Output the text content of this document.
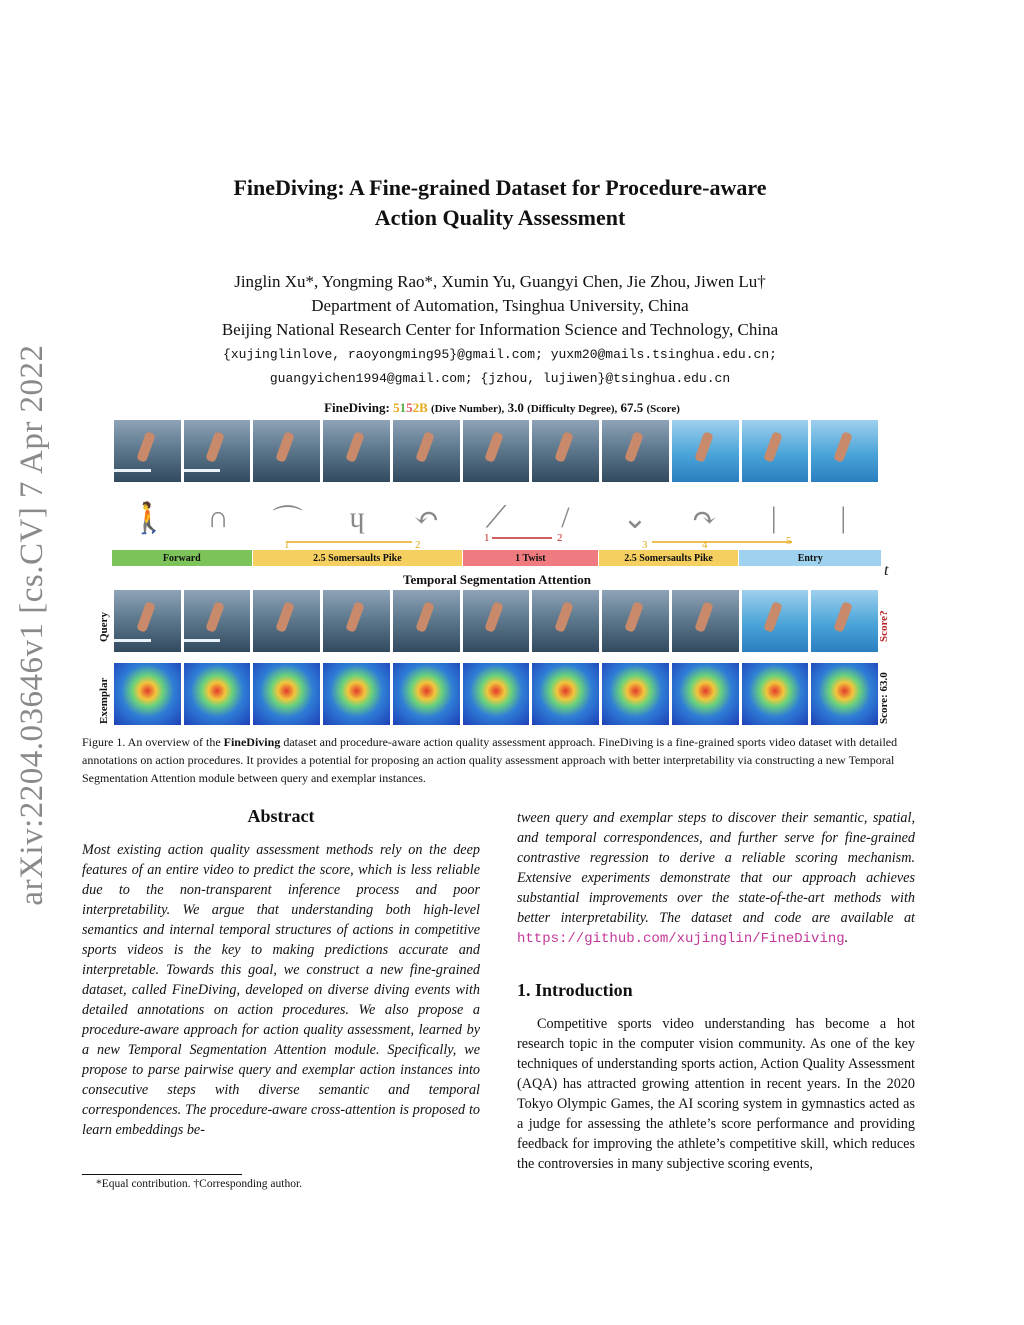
arXiv:2204.03646v1 [cs.CV] 7 Apr 2022
FineDiving: A Fine-grained Dataset for Procedure-aware
Action Quality Assessment
Jinglin Xu*, Yongming Rao*, Xumin Yu, Guangyi Chen, Jie Zhou, Jiwen Lu†
Department of Automation, Tsinghua University, China
Beijing National Research Center for Information Science and Technology, China
{xujinglinlove, raoyongming95}@gmail.com; yuxm20@mails.tsinghua.edu.cn;
guangyichen1994@gmail.com; {jzhou, lujiwen}@tsinghua.edu.cn
FineDiving: 5152B (Dive Number), 3.0 (Difficulty Degree), 67.5 (Score)
🚶	∩	⌒	ɥ	↶	⟋	/	⌄	↷	|	|
1	2
1	2
3	4	5
Forward	2.5 Somersaults Pike	1 Twist	2.5 Somersaults Pike	Entry
t
Temporal Segmentation Attention
Query	Score?
Exemplar	Score: 63.0
Figure 1. An overview of the FineDiving dataset and procedure-aware action quality assessment approach. FineDiving is a fine-grained sports video dataset with detailed annotations on action procedures. It provides a potential for proposing an action quality assessment approach with better interpretability via constructing a new Temporal Segmentation Attention module between query and exemplar instances.
Abstract
Most existing action quality assessment methods rely on the deep features of an entire video to predict the score, which is less reliable due to the non-transparent inference process and poor interpretability. We argue that understanding both high-level semantics and internal temporal structures of actions in competitive sports videos is the key to making predictions accurate and interpretable. Towards this goal, we construct a new fine-grained dataset, called FineDiving, developed on diverse diving events with detailed annotations on action procedures. We also propose a procedure-aware approach for action quality assessment, learned by a new Temporal Segmentation Attention module. Specifically, we propose to parse pairwise query and exemplar action instances into consecutive steps with diverse semantic and temporal correspondences. The procedure-aware cross-attention is proposed to learn embeddings be-
tween query and exemplar steps to discover their semantic, spatial, and temporal correspondences, and further serve for fine-grained contrastive regression to derive a reliable scoring mechanism. Extensive experiments demonstrate that our approach achieves substantial improvements over the state-of-the-art methods with better interpretability. The dataset and code are available at https://github.com/xujinglin/FineDiving.
1. Introduction
Competitive sports video understanding has become a hot research topic in the computer vision community. As one of the key techniques of understanding sports action, Action Quality Assessment (AQA) has attracted growing attention in recent years. In the 2020 Tokyo Olympic Games, the AI scoring system in gymnastics acted as a judge for assessing the athlete’s score performance and providing feedback for improving the athlete’s competitive skill, which reduces the controversies in many subjective scoring events,
*Equal contribution. †Corresponding author.
